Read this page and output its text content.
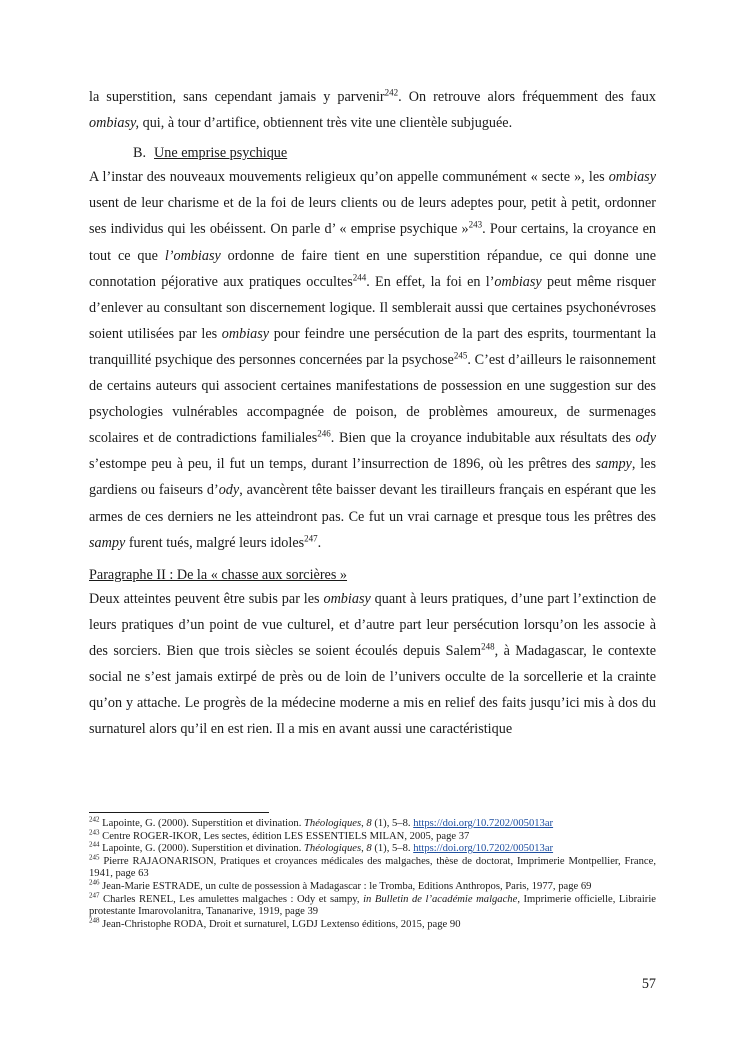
la superstition, sans cependant jamais y parvenir$^{242}$. On retrouve alors fréquemment des faux ombiasy, qui, à tour d’artifice, obtiennent très vite une clientèle subjuguée.

B. Une emprise psychique

A l’instar des nouveaux mouvements religieux qu’on appelle communément « secte », les ombiasy usent de leur charisme et de la foi de leurs clients ou de leurs adeptes pour, petit à petit, ordonner ses individus qui les obéissent. On parle d’ « emprise psychique »$^{243}$. Pour certains, la croyance en tout ce que l’ombiasy ordonne de faire tient en une superstition répandue, ce qui donne une connotation péjorative aux pratiques occultes$^{244}$. En effet, la foi en l’ombiasy peut même risquer d’enlever au consultant son discernement logique. Il semblerait aussi que certaines psychonévroses soient utilisées par les ombiasy pour feindre une persécution de la part des esprits, tourmentant la tranquillité psychique des personnes concernées par la psychose$^{245}$. C’est d’ailleurs le raisonnement de certains auteurs qui associent certaines manifestations de possession en une suggestion sur des psychologies vulnérables accompagnée de poison, de problèmes amoureux, de surmenages scolaires et de contradictions familiales$^{246}$. Bien que la croyance indubitable aux résultats des ody s’estompe peu à peu, il fut un temps, durant l’insurrection de 1896, où les prêtres des sampy, les gardiens ou faiseurs d’ody, avancèrent tête baisser devant les tirailleurs français en espérant que les armes de ces derniers ne les atteindront pas. Ce fut un vrai carnage et presque tous les prêtres des sampy furent tués, malgré leurs idoles$^{247}$.

Paragraphe II : De la « chasse aux sorcières »

Deux atteintes peuvent être subis par les ombiasy quant à leurs pratiques, d’une part l’extinction de leurs pratiques d’un point de vue culturel, et d’autre part leur persécution lorsqu’on les associe à des sorciers. Bien que trois siècles se soient écoulés depuis Salem$^{248}$, à Madagascar, le contexte social ne s’est jamais extirpé de près ou de loin de l’univers occulte de la sorcellerie et la crainte qu’on y attache. Le progrès de la médecine moderne a mis en relief des faits jusqu’ici mis à dos du surnaturel alors qu’il en est rien. Il a mis en avant aussi une caractéristique

$^{242}$ Lapointe, G. (2000). Superstition et divination. Théologiques, 8 (1), 5–8. https://doi.org/10.7202/005013ar

$^{243}$ Centre ROGER-IKOR, Les sectes, édition LES ESSENTIELS MILAN, 2005, page 37

$^{244}$ Lapointe, G. (2000). Superstition et divination. Théologiques, 8 (1), 5–8. https://doi.org/10.7202/005013ar

$^{245}$ Pierre RAJAONARISON, Pratiques et croyances médicales des malgaches, thèse de doctorat, Imprimerie Montpellier, France, 1941, page 63

$^{246}$ Jean-Marie ESTRADE, un culte de possession à Madagascar : le Tromba, Editions Anthropos, Paris, 1977, page 69

$^{247}$ Charles RENEL, Les amulettes malgaches : Ody et sampy, in Bulletin de l’académie malgache, Imprimerie officielle, Librairie protestante Imarovolanitra, Tananarive, 1919, page 39

$^{248}$ Jean-Christophe RODA, Droit et surnaturel, LGDJ Lextenso éditions, 2015, page 90

57
